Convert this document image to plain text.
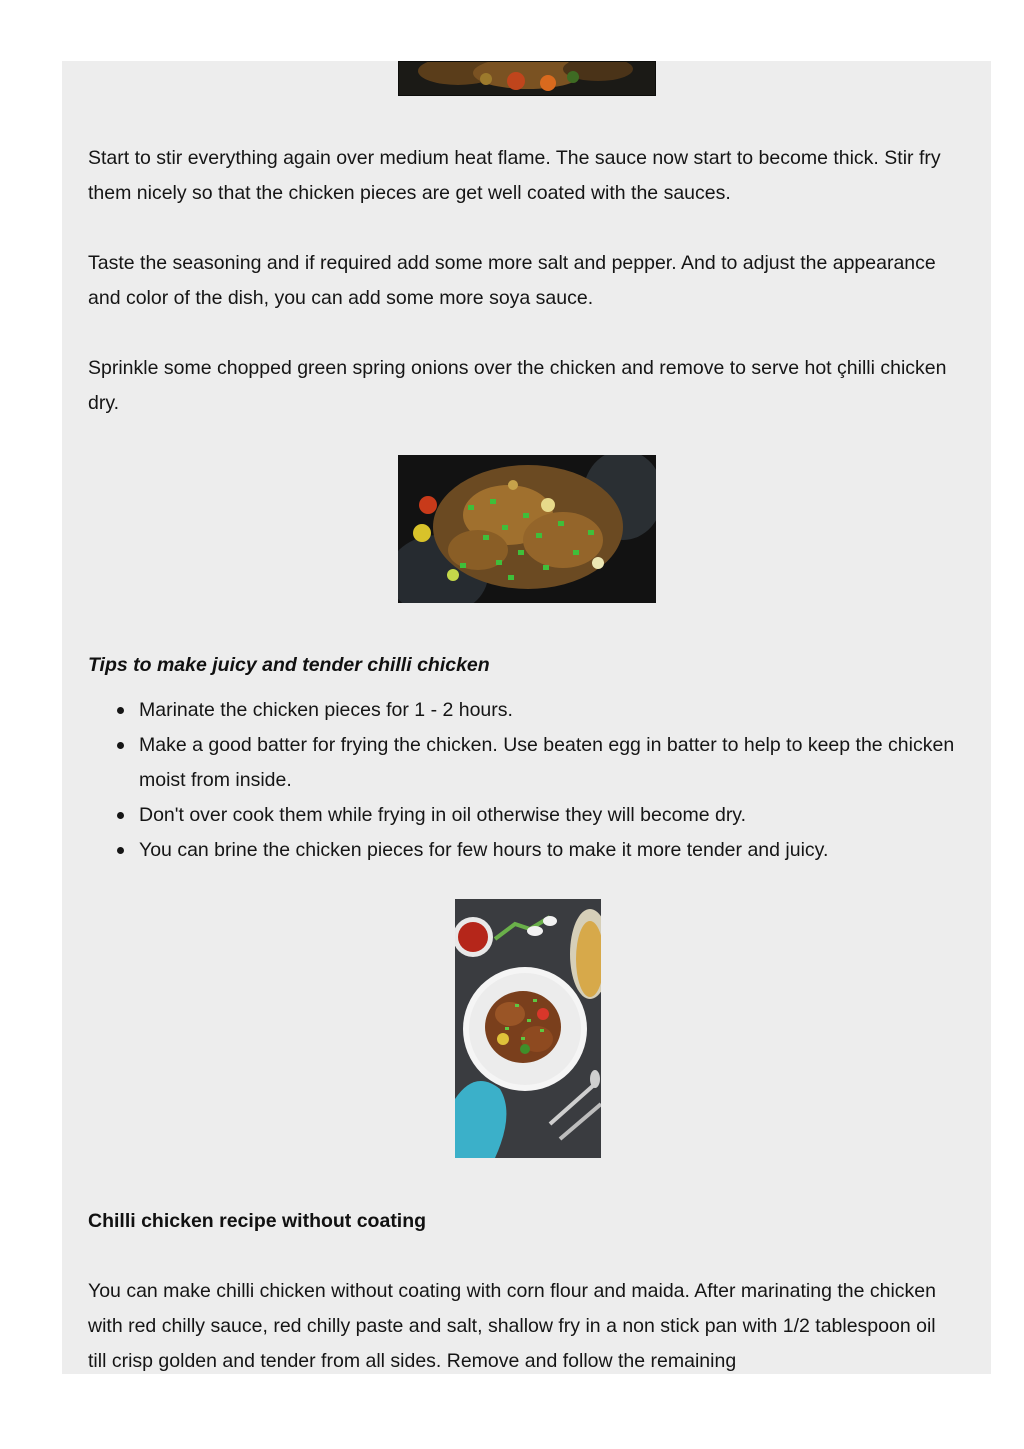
Start to stir everything again over medium heat flame. The sauce now start to become thick. Stir fry them nicely so that the chicken pieces are get well coated with the sauces.

Taste the seasoning and if required add some more salt and pepper. And to adjust the appearance and color of the dish, you can add some more soya sauce.

Sprinkle some chopped green spring onions over the chicken and remove to serve hot çhilli chicken dry.

Tips to make juicy and tender chilli chicken
Marinate the chicken pieces for 1 - 2 hours.
Make a good batter for frying the chicken. Use beaten egg in batter to help to keep the chicken moist from inside.
Don't over cook them while frying in oil otherwise they will become dry.
You can brine the chicken pieces for few hours to make it more tender and juicy.
Chilli chicken recipe without coating

You can make chilli chicken without coating with corn flour and maida. After marinating the chicken with red chilly sauce, red chilly paste and salt, shallow fry in a non stick pan with 1/2 tablespoon oil till crisp golden and tender from all sides. Remove and follow the remaining
